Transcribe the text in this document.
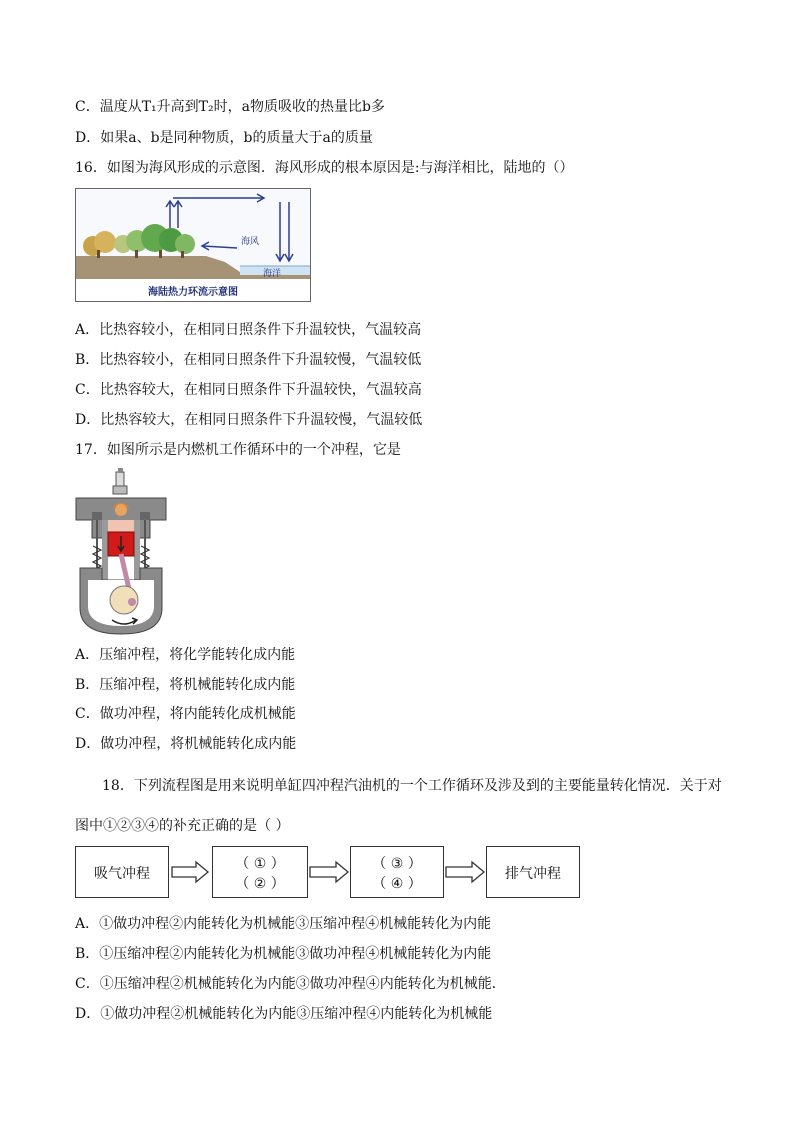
C．温度从T₁升高到T₂时，a物质吸收的热量比b多
D．如果a、b是同种物质，b的质量大于a的质量
16．如图为海风形成的示意图．海风形成的根本原因是:与海洋相比，陆地的（）
海风
海洋
海陆热力环流示意图
A．比热容较小，在相同日照条件下升温较快，气温较高
B．比热容较小，在相同日照条件下升温较慢，气温较低
C．比热容较大，在相同日照条件下升温较快，气温较高
D．比热容较大，在相同日照条件下升温较慢，气温较低
17．如图所示是内燃机工作循环中的一个冲程，它是
A．压缩冲程，将化学能转化成内能
B．压缩冲程，将机械能转化成内能
C．做功冲程，将内能转化成机械能
D．做功冲程，将机械能转化成内能
18．下列流程图是用来说明单缸四冲程汽油机的一个工作循环及涉及到的主要能量转化情况．关于对
图中①②③④的补充正确的是（ ）
吸气冲程
（ ① ）
（ ② ）
（ ③ ）
（ ④ ）
排气冲程
A．①做功冲程②内能转化为机械能③压缩冲程④机械能转化为内能
B．①压缩冲程②内能转化为机械能③做功冲程④机械能转化为内能
C．①压缩冲程②机械能转化为内能③做功冲程④内能转化为机械能．
D．①做功冲程②机械能转化为内能③压缩冲程④内能转化为机械能
